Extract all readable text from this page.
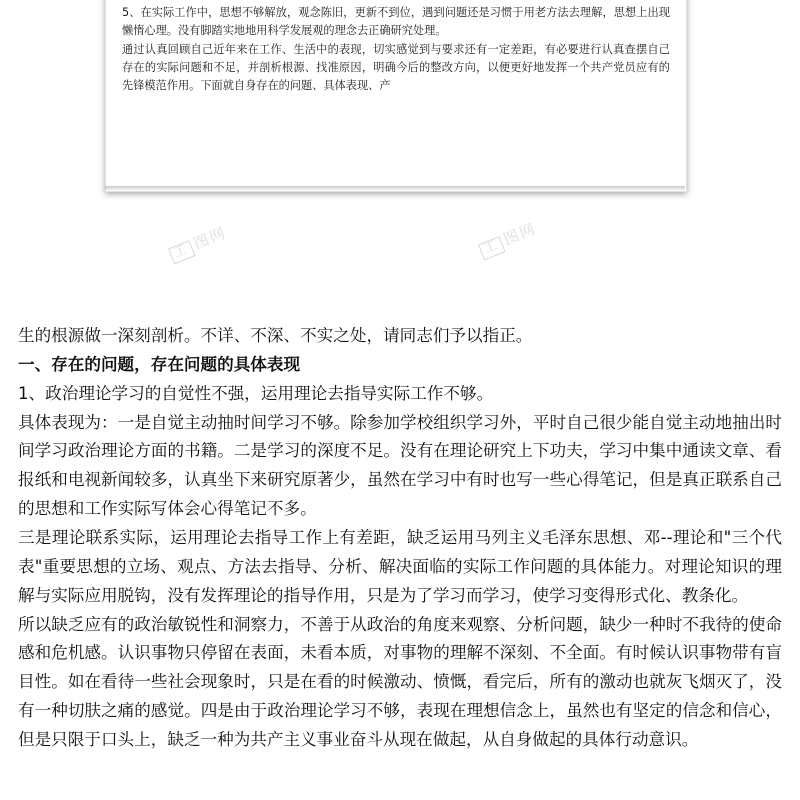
5、在实际工作中，思想不够解放，观念陈旧，更新不到位，遇到问题还是习惯于用老方法去理解，思想上出现懒惰心理。没有脚踏实地地用科学发展观的理念去正确研究处理。

通过认真回顾自己近年来在工作、生活中的表现，切实感觉到与要求还有一定差距，有必要进行认真查摆自己存在的实际问题和不足，并剖析根源、找准原因，明确今后的整改方向，以便更好地发挥一个共产党员应有的先锋模范作用。下面就自身存在的问题、具体表现、产

工图网	工图网

生的根源做一深刻剖析。不详、不深、不实之处，请同志们予以指正。

一、存在的问题，存在问题的具体表现

1、政治理论学习的自觉性不强，运用理论去指导实际工作不够。

具体表现为：一是自觉主动抽时间学习不够。除参加学校组织学习外，平时自己很少能自觉主动地抽出时间学习政治理论方面的书籍。二是学习的深度不足。没有在理论研究上下功夫，学习中集中通读文章、看报纸和电视新闻较多，认真坐下来研究原著少，虽然在学习中有时也写一些心得笔记，但是真正联系自己的思想和工作实际写体会心得笔记不多。

三是理论联系实际，运用理论去指导工作上有差距，缺乏运用马列主义毛泽东思想、邓--理论和"三个代表"重要思想的立场、观点、方法去指导、分析、解决面临的实际工作问题的具体能力。对理论知识的理解与实际应用脱钩，没有发挥理论的指导作用，只是为了学习而学习，使学习变得形式化、教条化。

所以缺乏应有的政治敏锐性和洞察力，不善于从政治的角度来观察、分析问题，缺少一种时不我待的使命感和危机感。认识事物只停留在表面，未看本质，对事物的理解不深刻、不全面。有时候认识事物带有盲目性。如在看待一些社会现象时，只是在看的时候激动、愤慨，看完后，所有的激动也就灰飞烟灭了，没有一种切肤之痛的感觉。四是由于政治理论学习不够，表现在理想信念上，虽然也有坚定的信念和信心，但是只限于口头上，缺乏一种为共产主义事业奋斗从现在做起，从自身做起的具体行动意识。
